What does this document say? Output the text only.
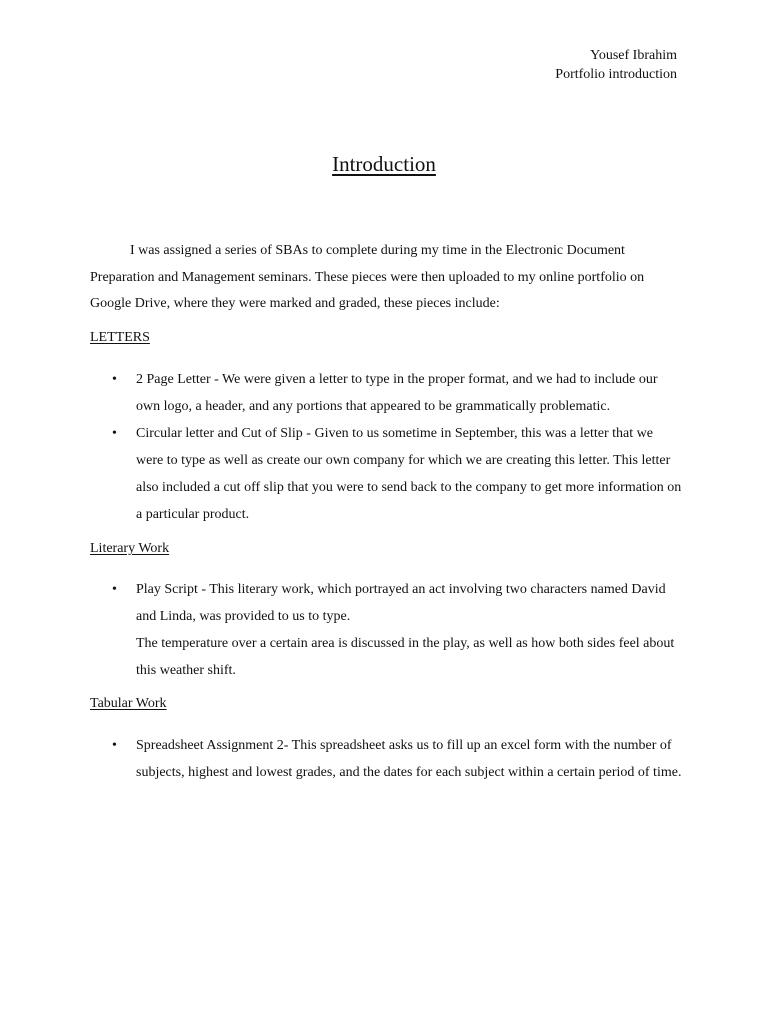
Yousef Ibrahim
Portfolio introduction
Introduction

I was assigned a series of SBAs to complete during my time in the Electronic Document Preparation and Management seminars. These pieces were then uploaded to my online portfolio on Google Drive, where they were marked and graded, these pieces include:

LETTERS
• 2 Page Letter - We were given a letter to type in the proper format, and we had to include our own logo, a header, and any portions that appeared to be grammatically problematic.
• Circular letter and Cut of Slip - Given to us sometime in September, this was a letter that we were to type as well as create our own company for which we are creating this letter. This letter also included a cut off slip that you were to send back to the company to get more information on a particular product.
Literary Work
• Play Script - This literary work, which portrayed an act involving two characters named David and Linda, was provided to us to type.
The temperature over a certain area is discussed in the play, as well as how both sides feel about this weather shift.
Tabular Work
• Spreadsheet Assignment 2- This spreadsheet asks us to fill up an excel form with the number of subjects, highest and lowest grades, and the dates for each subject within a certain period of time.
